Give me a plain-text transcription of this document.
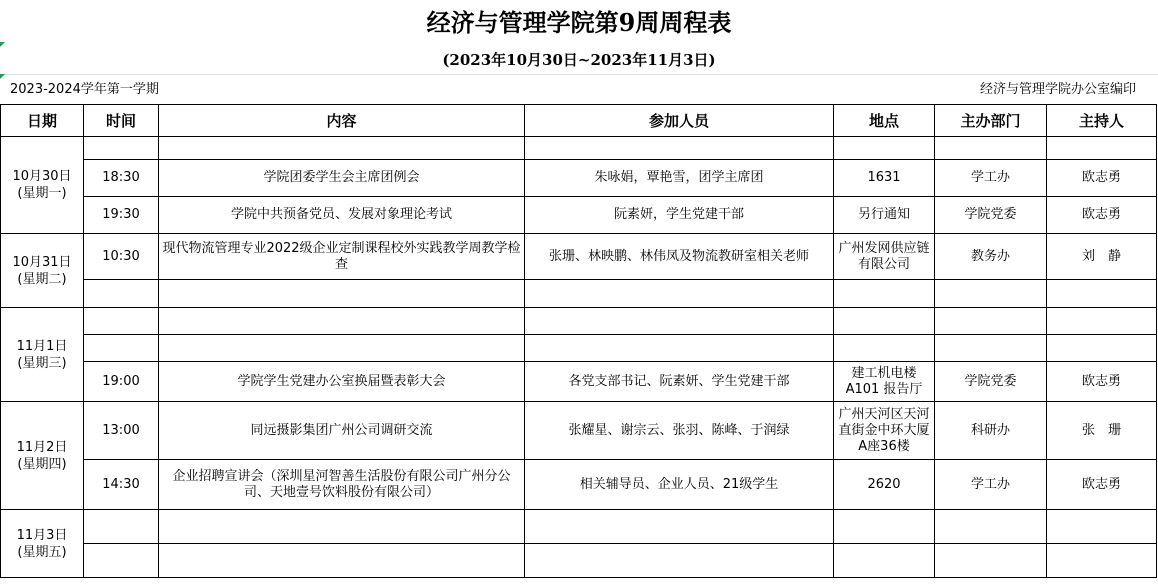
经济与管理学院第9周周程表
(2023年10月30日~2023年11月3日)
2023-2024学年第一学期	经济与管理学院办公室编印
日期	时间	内容	参加人员	地点	主办部门	主持人

10月30日
(星期一)						

	18:30	学院团委学生会主席团例会	朱咏娟，覃艳雪，团学主席团	1631	学工办	欧志勇
	19:30	学院中共预备党员、发展对象理论考试	阮素妍，学生党建干部	另行通知	学院党委	欧志勇

10月31日
(星期二)	10:30	现代物流管理专业2022级企业定制课程校外实践教学周教学检查	张珊、林映鹏、林伟凤及物流教研室相关老师	广州发网供应链有限公司	教务办	刘　静

11月1日
(星期三)						

	19:00	学院学生党建办公室换届暨表彰大会	各党支部书记、阮素妍、学生党建干部	建工机电楼A101 报告厅	学院党委	欧志勇

11月2日
(星期四)	13:00	同远摄影集团广州公司调研交流	张耀星、谢宗云、张羽、陈峰、于润绿	广州天河区天河直街金中环大厦A座36楼	科研办	张　珊
	14:30	企业招聘宣讲会（深圳星河智善生活股份有限公司广州分公司、天地壹号饮料股份有限公司）	相关辅导员、企业人员、21级学生	2620	学工办	欧志勇

11月3日
(星期五)						
